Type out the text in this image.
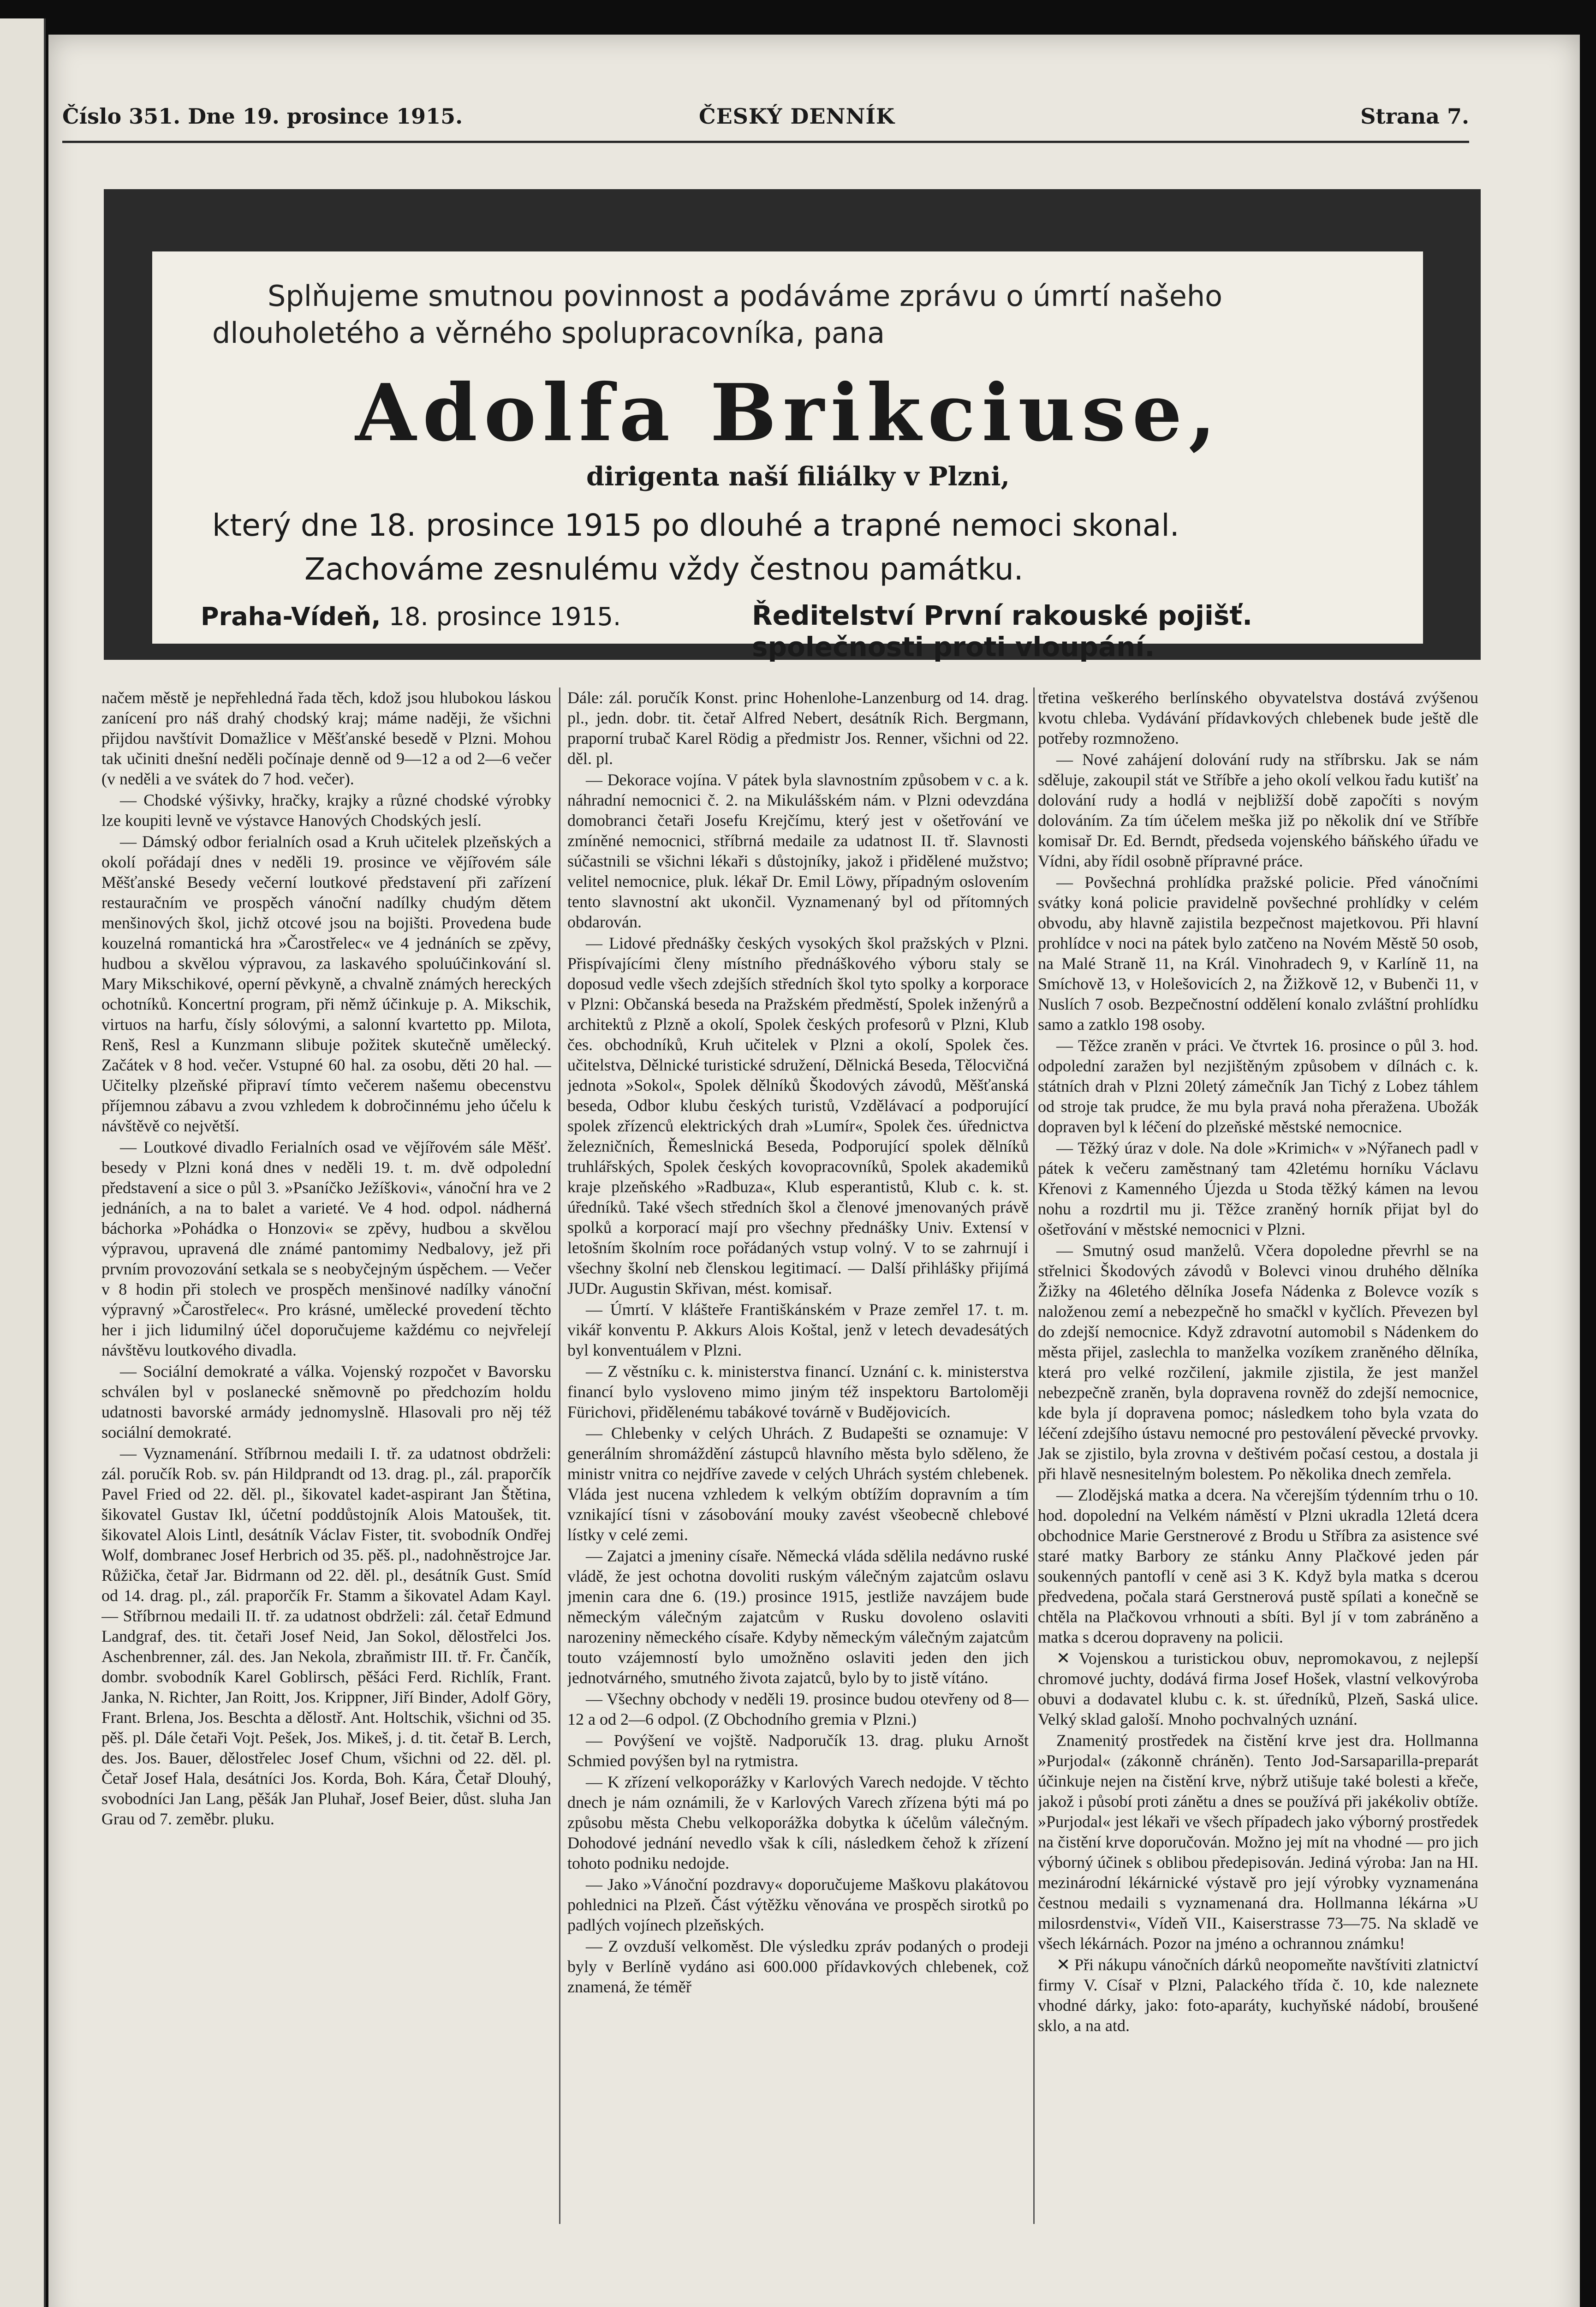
Číslo 351. Dne 19. prosince 1915.	ČESKÝ DENNÍK	Strana 7.
Splňujeme smutnou povinnost a podáváme zprávu o úmrtí našeho
dlouholetého a věrného spolupracovníka, pana
Adolfa Brikciuse,
dirigenta naší filiálky v Plzni,
který dne 18. prosince 1915 po dlouhé a trapné nemoci skonal.
Zachováme zesnulému vždy čestnou památku.
Praha-Vídeň, 18. prosince 1915.	Ředitelství První rakouské pojišť. společnosti proti vloupání.

načem městě je nepřehledná řada těch, kdož jsou hlubokou láskou zanícení pro náš drahý chodský kraj; máme naději, že všichni přijdou navštívit Domažlice v Měšťanské besedě v Plzni. Mohou tak učiniti dnešní neděli počínaje denně od 9—12 a od 2—6 večer (v neděli a ve svátek do 7 hod. večer).

— Chodské výšivky, hračky, krajky a různé chodské výrobky lze koupiti levně ve výstavce Hanových Chodských jeslí.

— Dámský odbor ferialních osad a Kruh učitelek plzeňských a okolí pořádají dnes v neděli 19. prosince ve vějířovém sále Měšťanské Besedy večerní loutkové představení při zařízení restauračním ve prospěch vánoční nadílky chudým dětem menšinových škol, jichž otcové jsou na bojišti. Provedena bude kouzelná romantická hra »Čarostřelec« ve 4 jednáních se zpěvy, hudbou a skvělou výpravou, za laskavého spoluúčinkování sl. Mary Mikschikové, operní pěvkyně, a chvalně známých hereckých ochotníků. Koncertní program, při němž účinkuje p. A. Mikschik, virtuos na harfu, čísly sólovými, a salonní kvartetto pp. Milota, Renš, Resl a Kunzmann slibuje požitek skutečně umělecký. Začátek v 8 hod. večer. Vstupné 60 hal. za osobu, děti 20 hal. — Učitelky plzeňské připraví tímto večerem našemu obecenstvu příjemnou zábavu a zvou vzhledem k dobročinnému jeho účelu k návštěvě co největší.

— Loutkové divadlo Ferialních osad ve vějířovém sále Měšť. besedy v Plzni koná dnes v neděli 19. t. m. dvě odpolední představení a sice o půl 3. »Psaníčko Ježíškovi«, vánoční hra ve 2 jednáních, a na to balet a varieté. Ve 4 hod. odpol. nádherná báchorka »Pohádka o Honzovi« se zpěvy, hudbou a skvělou výpravou, upravená dle známé pantomimy Nedbalovy, jež při prvním provozování setkala se s neobyčejným úspěchem. — Večer v 8 hodin při stolech ve prospěch menšinové nadílky vánoční výpravný »Čarostřelec«. Pro krásné, umělecké provedení těchto her i jich lidumilný účel doporučujeme každému co nejvřelejí návštěvu loutkového divadla.

— Sociální demokraté a válka. Vojenský rozpočet v Bavorsku schválen byl v poslanecké sněmovně po předchozím holdu udatnosti bavorské armády jednomyslně. Hlasovali pro něj též sociální demokraté.

— Vyznamenání. Stříbrnou medaili I. tř. za udatnost obdrželi: zál. poručík Rob. sv. pán Hildprandt od 13. drag. pl., zál. praporčík Pavel Fried od 22. děl. pl., šikovatel kadet-aspirant Jan Štětina, šikovatel Gustav Ikl, účetní poddůstojník Alois Matoušek, tit. šikovatel Alois Lintl, desátník Václav Fister, tit. svobodník Ondřej Wolf, dombranec Josef Herbrich od 35. pěš. pl., nadohněstrojce Jar. Růžička, četař Jar. Bidrmann od 22. děl. pl., desátník Gust. Smíd od 14. drag. pl., zál. praporčík Fr. Stamm a šikovatel Adam Kayl. — Stříbrnou medaili II. tř. za udatnost obdrželi: zál. četař Edmund Landgraf, des. tit. četaři Josef Neid, Jan Sokol, dělostřelci Jos. Aschenbrenner, zál. des. Jan Nekola, zbraňmistr III. tř. Fr. Čančík, dombr. svobodník Karel Goblirsch, pěšáci Ferd. Richlík, Frant. Janka, N. Richter, Jan Roitt, Jos. Krippner, Jiří Binder, Adolf Göry, Frant. Brlena, Jos. Beschta a dělostř. Ant. Holtschik, všichni od 35. pěš. pl. Dále četaři Vojt. Pešek, Jos. Mikeš, j. d. tit. četař B. Lerch, des. Jos. Bauer, dělostřelec Josef Chum, všichni od 22. děl. pl. Četař Josef Hala, desátníci Jos. Korda, Boh. Kára, Četař Dlouhý, svobodníci Jan Lang, pěšák Jan Pluhař, Josef Beier, důst. sluha Jan Grau od 7. zeměbr. pluku.

Dále: zál. poručík Konst. princ Hohenlohe-Lanzenburg od 14. drag. pl., jedn. dobr. tit. četař Alfred Nebert, desátník Rich. Bergmann, praporní trubač Karel Rödig a předmistr Jos. Renner, všichni od 22. děl. pl.

— Dekorace vojína. V pátek byla slavnostním způsobem v c. a k. náhradní nemocnici č. 2. na Mikulášském nám. v Plzni odevzdána domobranci četaři Josefu Krejčímu, který jest v ošetřování ve zmíněné nemocnici, stříbrná medaile za udatnost II. tř. Slavnosti súčastnili se všichni lékaři s důstojníky, jakož i přidělené mužstvo; velitel nemocnice, pluk. lékař Dr. Emil Löwy, případným oslovením tento slavnostní akt ukončil. Vyznamenaný byl od přítomných obdarován.

— Lidové přednášky českých vysokých škol pražských v Plzni. Přispívajícími členy místního přednáškového výboru staly se doposud vedle všech zdejších středních škol tyto spolky a korporace v Plzni: Občanská beseda na Pražském předměstí, Spolek inženýrů a architektů z Plzně a okolí, Spolek českých profesorů v Plzni, Klub čes. obchodníků, Kruh učitelek v Plzni a okolí, Spolek čes. učitelstva, Dělnické turistické sdružení, Dělnická Beseda, Tělocvičná jednota »Sokol«, Spolek dělníků Škodových závodů, Měšťanská beseda, Odbor klubu českých turistů, Vzdělávací a podporující spolek zřízenců elektrických drah »Lumír«, Spolek čes. úřednictva železničních, Řemeslnická Beseda, Podporující spolek dělníků truhlářských, Spolek českých kovopracovníků, Spolek akademiků kraje plzeňského »Radbuza«, Klub esperantistů, Klub c. k. st. úředníků. Také všech středních škol a členové jmenovaných právě spolků a korporací mají pro všechny přednášky Univ. Extensí v letošním školním roce pořádaných vstup volný. V to se zahrnují i všechny školní neb členskou legitimací. — Další přihlášky přijímá JUDr. Augustin Skřivan, mést. komisař.

— Úmrtí. V klášteře Františkánském v Praze zemřel 17. t. m. vikář konventu P. Akkurs Alois Koštal, jenž v letech devadesátých byl konventuálem v Plzni.

— Z věstníku c. k. ministerstva financí. Uznání c. k. ministerstva financí bylo vysloveno mimo jiným též inspektoru Bartoloměji Fürichovi, přidělenému tabákové továrně v Budějovicích.

— Chlebenky v celých Uhrách. Z Budapešti se oznamuje: V generálním shromáždění zástupců hlavního města bylo sděleno, že ministr vnitra co nejdříve zavede v celých Uhrách systém chlebenek. Vláda jest nucena vzhledem k velkým obtížím dopravním a tím vznikající tísni v zásobování mouky zavést všeobecně chlebové lístky v celé zemi.

— Zajatci a jmeniny císaře. Německá vláda sdělila nedávno ruské vládě, že jest ochotna dovoliti ruským válečným zajatcům oslavu jmenin cara dne 6. (19.) prosince 1915, jestliže navzájem bude německým válečným zajatcům v Rusku dovoleno oslaviti narozeniny německého císaře. Kdyby německým válečným zajatcům touto vzájemností bylo umožněno oslaviti jeden den jich jednotvárného, smutného života zajatců, bylo by to jistě vítáno.

— Všechny obchody v neděli 19. prosince budou otevřeny od 8—12 a od 2—6 odpol. (Z Obchodního gremia v Plzni.)

— Povýšení ve vojště. Nadporučík 13. drag. pluku Arnošt Schmied povýšen byl na rytmistra.

— K zřízení velkoporážky v Karlových Varech nedojde. V těchto dnech je nám oznámili, že v Karlových Varech zřízena býti má po způsobu města Chebu velkoporážka dobytka k účelům válečným. Dohodové jednání nevedlo však k cíli, následkem čehož k zřízení tohoto podniku nedojde.

— Jako »Vánoční pozdravy« doporučujeme Maškovu plakátovou pohlednici na Plzeň. Část výtěžku věnována ve prospěch sirotků po padlých vojínech plzeňských.

— Z ovzduší velkoměst. Dle výsledku zpráv podaných o prodeji byly v Berlíně vydáno asi 600.000 přídavkových chlebenek, což znamená, že téměř

třetina veškerého berlínského obyvatelstva dostává zvýšenou kvotu chleba. Vydávání přídavkových chlebenek bude ještě dle potřeby rozmnoženo.

— Nové zahájení dolování rudy na stříbrsku. Jak se nám sděluje, zakoupil stát ve Stříbře a jeho okolí velkou řadu kutišť na dolování rudy a hodlá v nejbližší době započíti s novým dolováním. Za tím účelem meška již po několik dní ve Stříbře komisař Dr. Ed. Berndt, předseda vojenského báňského úřadu ve Vídni, aby řídil osobně přípravné práce.

— Povšechná prohlídka pražské policie. Před vánočními svátky koná policie pravidelně povšechné prohlídky v celém obvodu, aby hlavně zajistila bezpečnost majetkovou. Při hlavní prohlídce v noci na pátek bylo zatčeno na Novém Městě 50 osob, na Malé Straně 11, na Král. Vinohradech 9, v Karlíně 11, na Smíchově 13, v Holešovicích 2, na Žižkově 12, v Bubenči 11, v Nuslích 7 osob. Bezpečnostní oddělení konalo zvláštní prohlídku samo a zatklo 198 osoby.

— Těžce zraněn v práci. Ve čtvrtek 16. prosince o půl 3. hod. odpolední zaražen byl nezjištěným způsobem v dílnách c. k. státních drah v Plzni 20letý zámečník Jan Tichý z Lobez táhlem od stroje tak prudce, že mu byla pravá noha přeražena. Ubožák dopraven byl k léčení do plzeňské městské nemocnice.

— Těžký úraz v dole. Na dole »Krimich« v »Nýřanech padl v pátek k večeru zaměstnaný tam 42letému horníku Václavu Křenovi z Kamenného Újezda u Stoda těžký kámen na levou nohu a rozdrtil mu ji. Těžce zraněný horník přijat byl do ošetřování v městské nemocnici v Plzni.

— Smutný osud manželů. Včera dopoledne převrhl se na střelnici Škodových závodů v Bolevci vinou druhého dělníka Žižky na 46letého dělníka Josefa Nádenka z Bolevce vozík s naloženou zemí a nebezpečně ho smačkl v kyčlích. Převezen byl do zdejší nemocnice. Když zdravotní automobil s Nádenkem do města přijel, zaslechla to manželka vozíkem zraněného dělníka, která pro velké rozčilení, jakmile zjistila, že jest manžel nebezpečně zraněn, byla dopravena rovněž do zdejší nemocnice, kde byla jí dopravena pomoc; následkem toho byla vzata do léčení zdejšího ústavu nemocné pro pestoválení pěvecké prvovky. Jak se zjistilo, byla zrovna v deštivém počasí cestou, a dostala ji při hlavě nesnesitelným bolestem. Po několika dnech zemřela.

— Zlodějská matka a dcera. Na včerejším týdenním trhu o 10. hod. dopolední na Velkém náměstí v Plzni ukradla 12letá dcera obchodnice Marie Gerstnerové z Brodu u Stříbra za asistence své staré matky Barbory ze stánku Anny Plačkové jeden pár soukenných pantoflí v ceně asi 3 K. Když byla matka s dcerou předvedena, počala stará Gerstnerová pustě spílati a konečně se chtěla na Plačkovou vrhnouti a sbíti. Byl jí v tom zabráněno a matka s dcerou dopraveny na policii.

✕ Vojenskou a turistickou obuv, nepromokavou, z nejlepší chromové juchty, dodává firma Josef Hošek, vlastní velkovýroba obuvi a dodavatel klubu c. k. st. úředníků, Plzeň, Saská ulice. Velký sklad galoší. Mnoho pochvalných uznání.

Znamenitý prostředek na čistění krve jest dra. Hollmanna »Purjodal« (zákonně chráněn). Tento Jod-Sarsaparilla-preparát účinkuje nejen na čistění krve, nýbrž utišuje také bolesti a křeče, jakož i působí proti zánětu a dnes se používá při jakékoliv obtíže. »Purjodal« jest lékaři ve všech případech jako výborný prostředek na čistění krve doporučován. Možno jej mít na vhodné — pro jich výborný účinek s oblibou předepisován. Jediná výroba: Jan na HI. mezinárodní lékárnické výstavě pro její výrobky vyznamenána čestnou medaili s vyznamenaná dra. Hollmanna lékárna »U milosrdenstvi«, Vídeň VII., Kaiserstrasse 73—75. Na skladě ve všech lékárnách. Pozor na jméno a ochrannou známku!

✕ Při nákupu vánočních dárků neopomeňte navštíviti zlatnictví firmy V. Císař v Plzni, Palackého třída č. 10, kde naleznete vhodné dárky, jako: foto-aparáty, kuchyňské nádobí, broušené sklo, a na atd.
